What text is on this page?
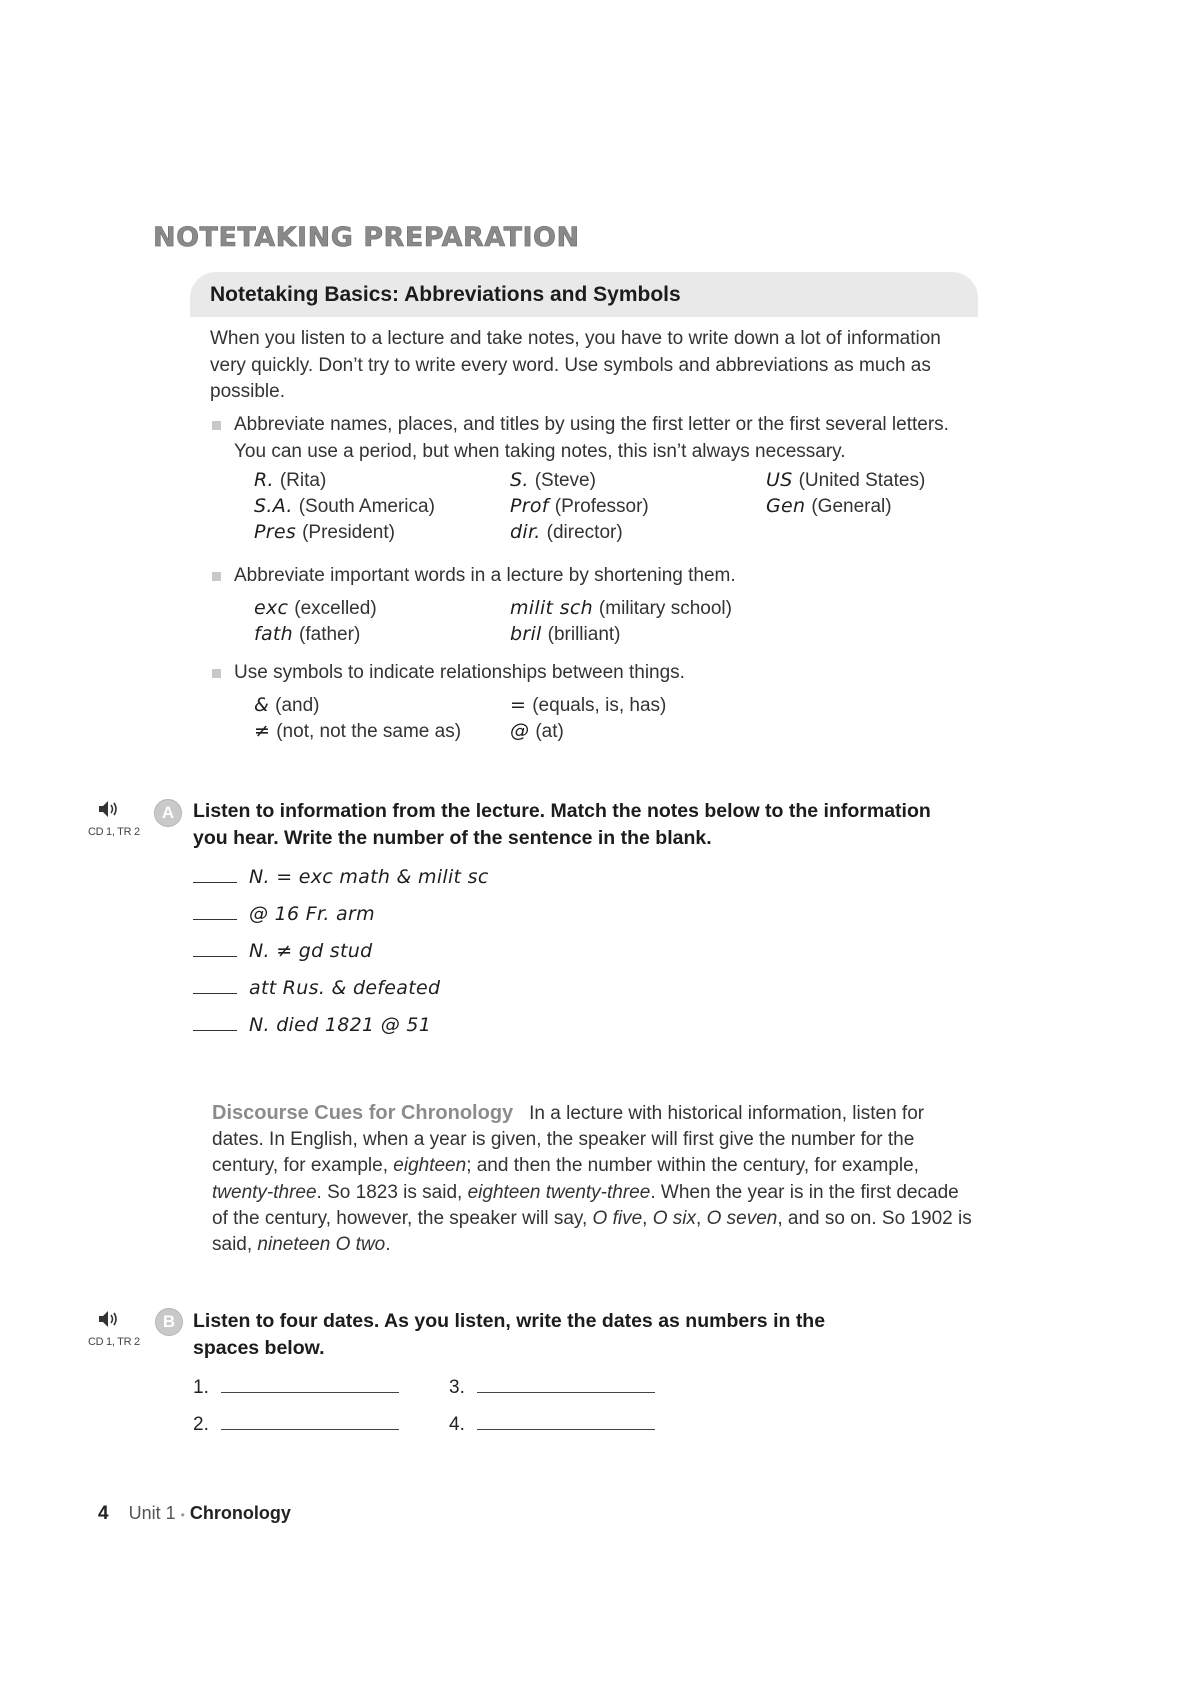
NOTETAKING PREPARATION
Notetaking Basics: Abbreviations and Symbols
When you listen to a lecture and take notes, you have to write down a lot of information very quickly. Don’t try to write every word. Use symbols and abbreviations as much as possible.
Abbreviate names, places, and titles by using the first letter or the first several letters. You can use a period, but when taking notes, this isn’t always necessary.
R. (Rita)	S. (Steve)	US (United States)
S.A. (South America)	Prof (Professor)	Gen (General)
Pres (President)	dir. (director)
Abbreviate important words in a lecture by shortening them.
exc (excelled)	milit sch (military school)
fath (father)	bril (brilliant)
Use symbols to indicate relationships between things.
& (and)	= (equals, is, has)
≠ (not, not the same as)	@ (at)
CD 1, TR 2
A Listen to information from the lecture. Match the notes below to the information you hear. Write the number of the sentence in the blank.
N. = exc math & milit sc
@ 16 Fr. arm
N. ≠ gd stud
att Rus. & defeated
N. died 1821 @ 51
Discourse Cues for Chronology In a lecture with historical information, listen for dates. In English, when a year is given, the speaker will first give the number for the century, for example, eighteen; and then the number within the century, for example, twenty-three. So 1823 is said, eighteen twenty-three. When the year is in the first decade of the century, however, the speaker will say, O five, O six, O seven, and so on. So 1902 is said, nineteen O two.
CD 1, TR 2
B Listen to four dates. As you listen, write the dates as numbers in the spaces below.
1.
2.
3.
4.
4 Unit 1 • Chronology
